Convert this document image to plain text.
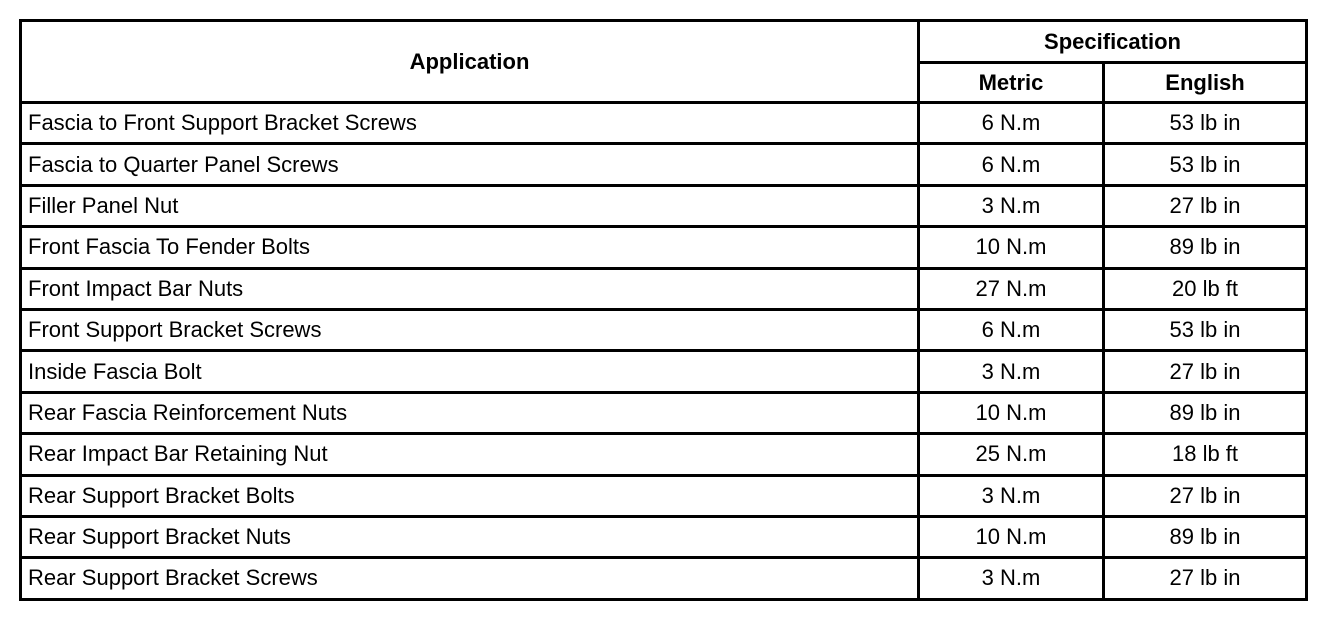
Application	Specification	
	Metric	English
Fascia to Front Support Bracket Screws	6 N.m	53 lb in
Fascia to Quarter Panel Screws	6 N.m	53 lb in
Filler Panel Nut	3 N.m	27 lb in
Front Fascia To Fender Bolts	10 N.m	89 lb in
Front Impact Bar Nuts	27 N.m	20 lb ft
Front Support Bracket Screws	6 N.m	53 lb in
Inside Fascia Bolt	3 N.m	27 lb in
Rear Fascia Reinforcement Nuts	10 N.m	89 lb in
Rear Impact Bar Retaining Nut	25 N.m	18 lb ft
Rear Support Bracket Bolts	3 N.m	27 lb in
Rear Support Bracket Nuts	10 N.m	89 lb in
Rear Support Bracket Screws	3 N.m	27 lb in
